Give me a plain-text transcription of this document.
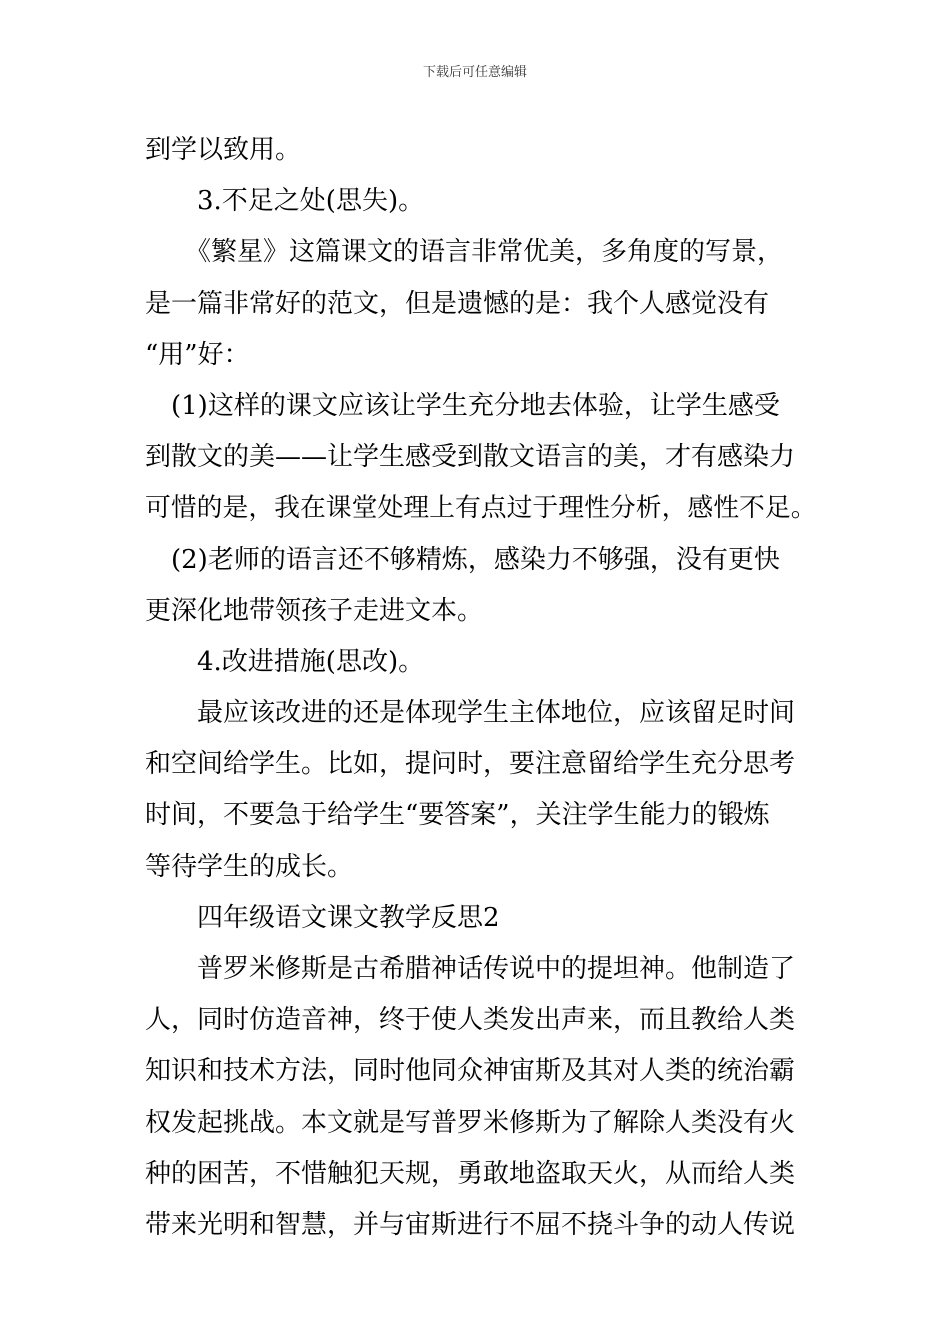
下载后可任意编辑
到学以致用。
3.不足之处(思失)。
《繁星》这篇课文的语言非常优美，多角度的写景，
是一篇非常好的范文，但是遗憾的是：我个人感觉没有
“用”好：
(1)这样的课文应该让学生充分地去体验，让学生感受
到散文的美——让学生感受到散文语言的美，才有感染力
可惜的是，我在课堂处理上有点过于理性分析，感性不足。
(2)老师的语言还不够精炼，感染力不够强，没有更快
更深化地带领孩子走进文本。
4.改进措施(思改)。
最应该改进的还是体现学生主体地位，应该留足时间
和空间给学生。比如，提问时，要注意留给学生充分思考
时间，不要急于给学生“要答案”，关注学生能力的锻炼
等待学生的成长。
四年级语文课文教学反思2
普罗米修斯是古希腊神话传说中的提坦神。他制造了
人，同时仿造音神，终于使人类发出声来，而且教给人类
知识和技术方法，同时他同众神宙斯及其对人类的统治霸
权发起挑战。本文就是写普罗米修斯为了解除人类没有火
种的困苦，不惜触犯天规，勇敢地盗取天火，从而给人类
带来光明和智慧，并与宙斯进行不屈不挠斗争的动人传说
